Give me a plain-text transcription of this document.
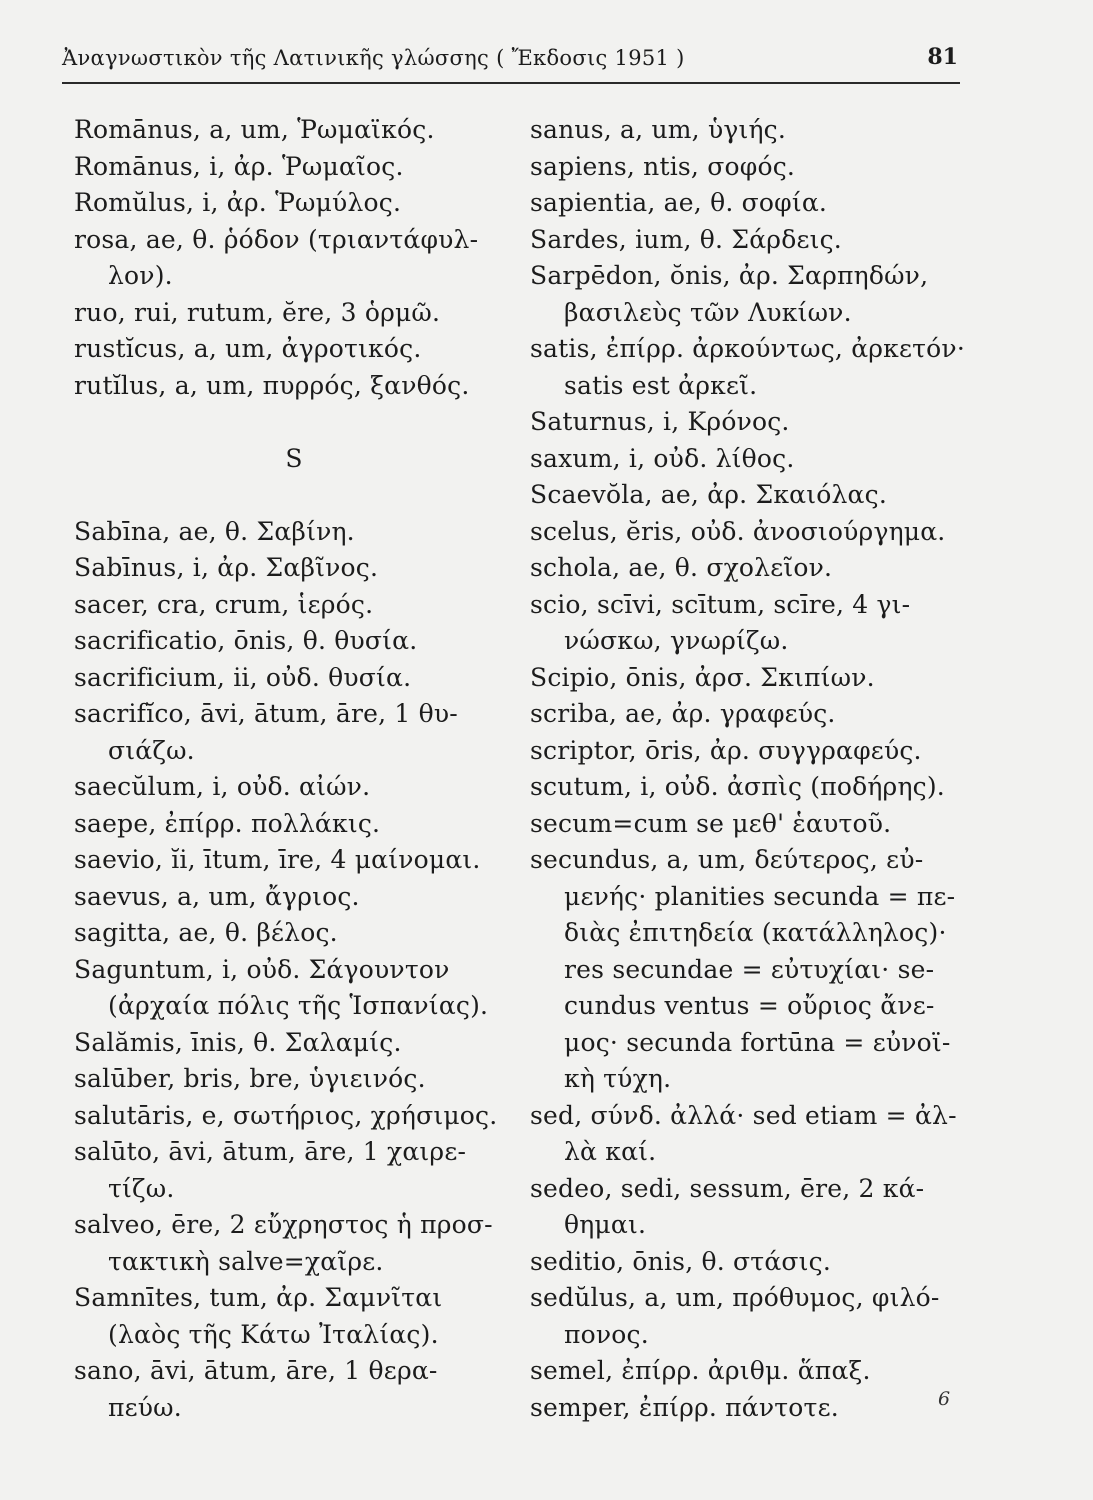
Ἀναγνωστικὸν τῆς Λατινικῆς γλώσσης ( Ἔκδοσις 1951 )	81
Romānus, a, um, Ῥωμαϊκός.
Romānus, i, ἀρ. Ῥωμαῖος.
Romŭlus, i, ἀρ. Ῥωμύλος.
rosa, ae, θ. ῥόδον (τριαντάφυλ-
λον).
ruo, rui, rutum, ĕre, 3 ὁρμῶ.
rustĭcus, a, um, ἀγροτικός.
rutĭlus, a, um, πυρρός, ξανθός.
S
Sabīna, ae, θ. Σαβίνη.
Sabīnus, i, ἀρ. Σαβῖνος.
sacer, cra, crum, ἱερός.
sacrificatio, ōnis, θ. θυσία.
sacrificium, ii, οὐδ. θυσία.
sacrifĭco, āvi, ātum, āre, 1 θυ-
σιάζω.
saecŭlum, i, οὐδ. αἰών.
saepe, ἐπίρρ. πολλάκις.
saevio, ĭi, ītum, īre, 4 μαίνομαι.
saevus, a, um, ἄγριος.
sagitta, ae, θ. βέλος.
Saguntum, i, οὐδ. Σάγουντον
(ἀρχαία πόλις τῆς Ἱσπανίας).
Salămis, īnis, θ. Σαλαμίς.
salūber, bris, bre, ὑγιεινός.
salutāris, e, σωτήριος, χρήσιμος.
salūto, āvi, ātum, āre, 1 χαιρε-
τίζω.
salveo, ēre, 2 εὔχρηστος ἡ προσ-
τακτικὴ salve=χαῖρε.
Samnītes, tum, ἀρ. Σαμνῖται
(λαὸς τῆς Κάτω Ἰταλίας).
sano, āvi, ātum, āre, 1 θερα-
πεύω.
sanus, a, um, ὑγιής.
sapiens, ntis, σοφός.
sapientia, ae, θ. σοφία.
Sardes, ium, θ. Σάρδεις.
Sarpēdon, ŏnis, ἀρ. Σαρπηδών,
βασιλεὺς τῶν Λυκίων.
satis, ἐπίρρ. ἀρκούντως, ἀρκετόν·
satis est ἀρκεῖ.
Saturnus, i, Κρόνος.
saxum, i, οὐδ. λίθος.
Scaevŏla, ae, ἀρ. Σκαιόλας.
scelus, ĕris, οὐδ. ἀνοσιούργημα.
schola, ae, θ. σχολεῖον.
scio, scīvi, scītum, scīre, 4 γι-
νώσκω, γνωρίζω.
Scipio, ōnis, ἀρσ. Σκιπίων.
scriba, ae, ἀρ. γραφεύς.
scriptor, ōris, ἀρ. συγγραφεύς.
scutum, i, οὐδ. ἀσπὶς (ποδήρης).
secum=cum se μεθ' ἑαυτοῦ.
secundus, a, um, δεύτερος, εὐ-
μενής· planities secunda = πε-
διὰς ἐπιτηδεία (κατάλληλος)·
res secundae = εὐτυχίαι· se-
cundus ventus = οὔριος ἄνε-
μος· secunda fortūna = εὐνοϊ-
κὴ τύχη.
sed, σύνδ. ἀλλά· sed etiam = ἀλ-
λὰ καί.
sedeo, sedi, sessum, ēre, 2 κά-
θημαι.
seditio, ōnis, θ. στάσις.
sedŭlus, a, um, πρόθυμος, φιλό-
πονος.
semel, ἐπίρρ. ἀριθμ. ἅπαξ.
semper, ἐπίρρ. πάντοτε.	6
